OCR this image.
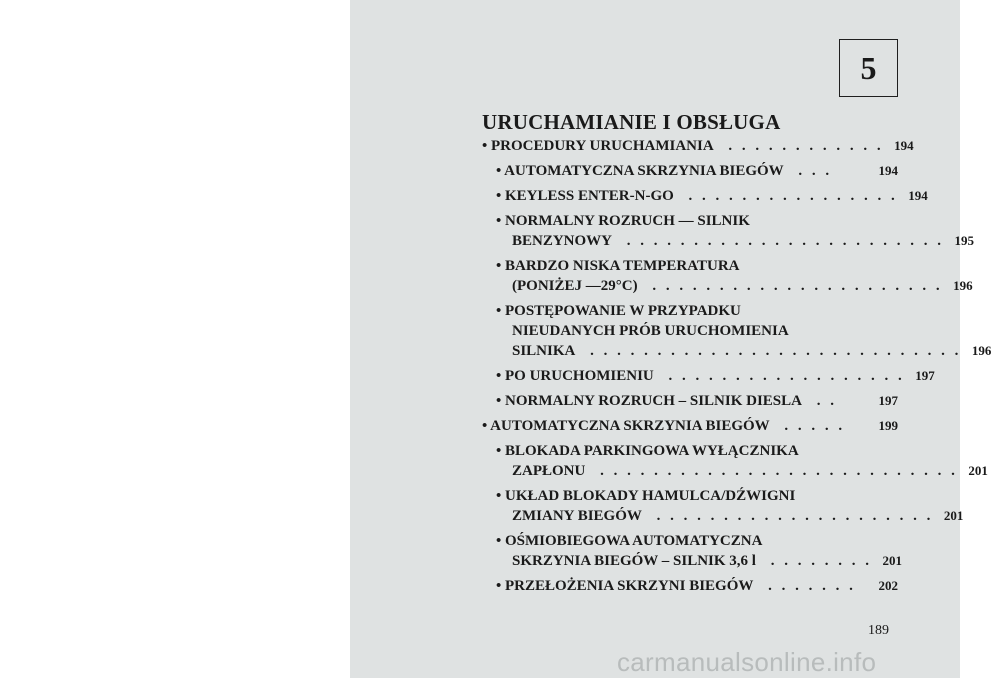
5
URUCHAMIANIE I OBSŁUGA
• PROCEDURY URUCHAMIANIA . . . . . . . . . . . . 194
• AUTOMATYCZNA SKRZYNIA BIEGÓW . . .	194
• KEYLESS ENTER-N-GO . . . . . . . . . . . . . . . . 194
• NORMALNY ROZRUCH — SILNIK
BENZYNOWY . . . . . . . . . . . . . . . . . . . . . . . . 195
• BARDZO NISKA TEMPERATURA
(PONIŻEJ —29°C) . . . . . . . . . . . . . . . . . . . . . . 196
• POSTĘPOWANIE W PRZYPADKU
NIEUDANYCH PRÓB URUCHOMIENIA
SILNIKA . . . . . . . . . . . . . . . . . . . . . . . . . . . . 196
• PO URUCHOMIENIU . . . . . . . . . . . . . . . . . . 197
• NORMALNY ROZRUCH – SILNIK DIESLA . .	197
• AUTOMATYCZNA SKRZYNIA BIEGÓW . . . . .	199
• BLOKADA PARKINGOWA WYŁĄCZNIKA
ZAPŁONU . . . . . . . . . . . . . . . . . . . . . . . . . . . 201
• UKŁAD BLOKADY HAMULCA/DŹWIGNI
ZMIANY BIEGÓW . . . . . . . . . . . . . . . . . . . . . 201
• OŚMIOBIEGOWA AUTOMATYCZNA
SKRZYNIA BIEGÓW – SILNIK 3,6 l . . . . . . . . 201
• PRZEŁOŻENIA SKRZYNI BIEGÓW . . . . . . .	202
189
carmanualsonline.info
